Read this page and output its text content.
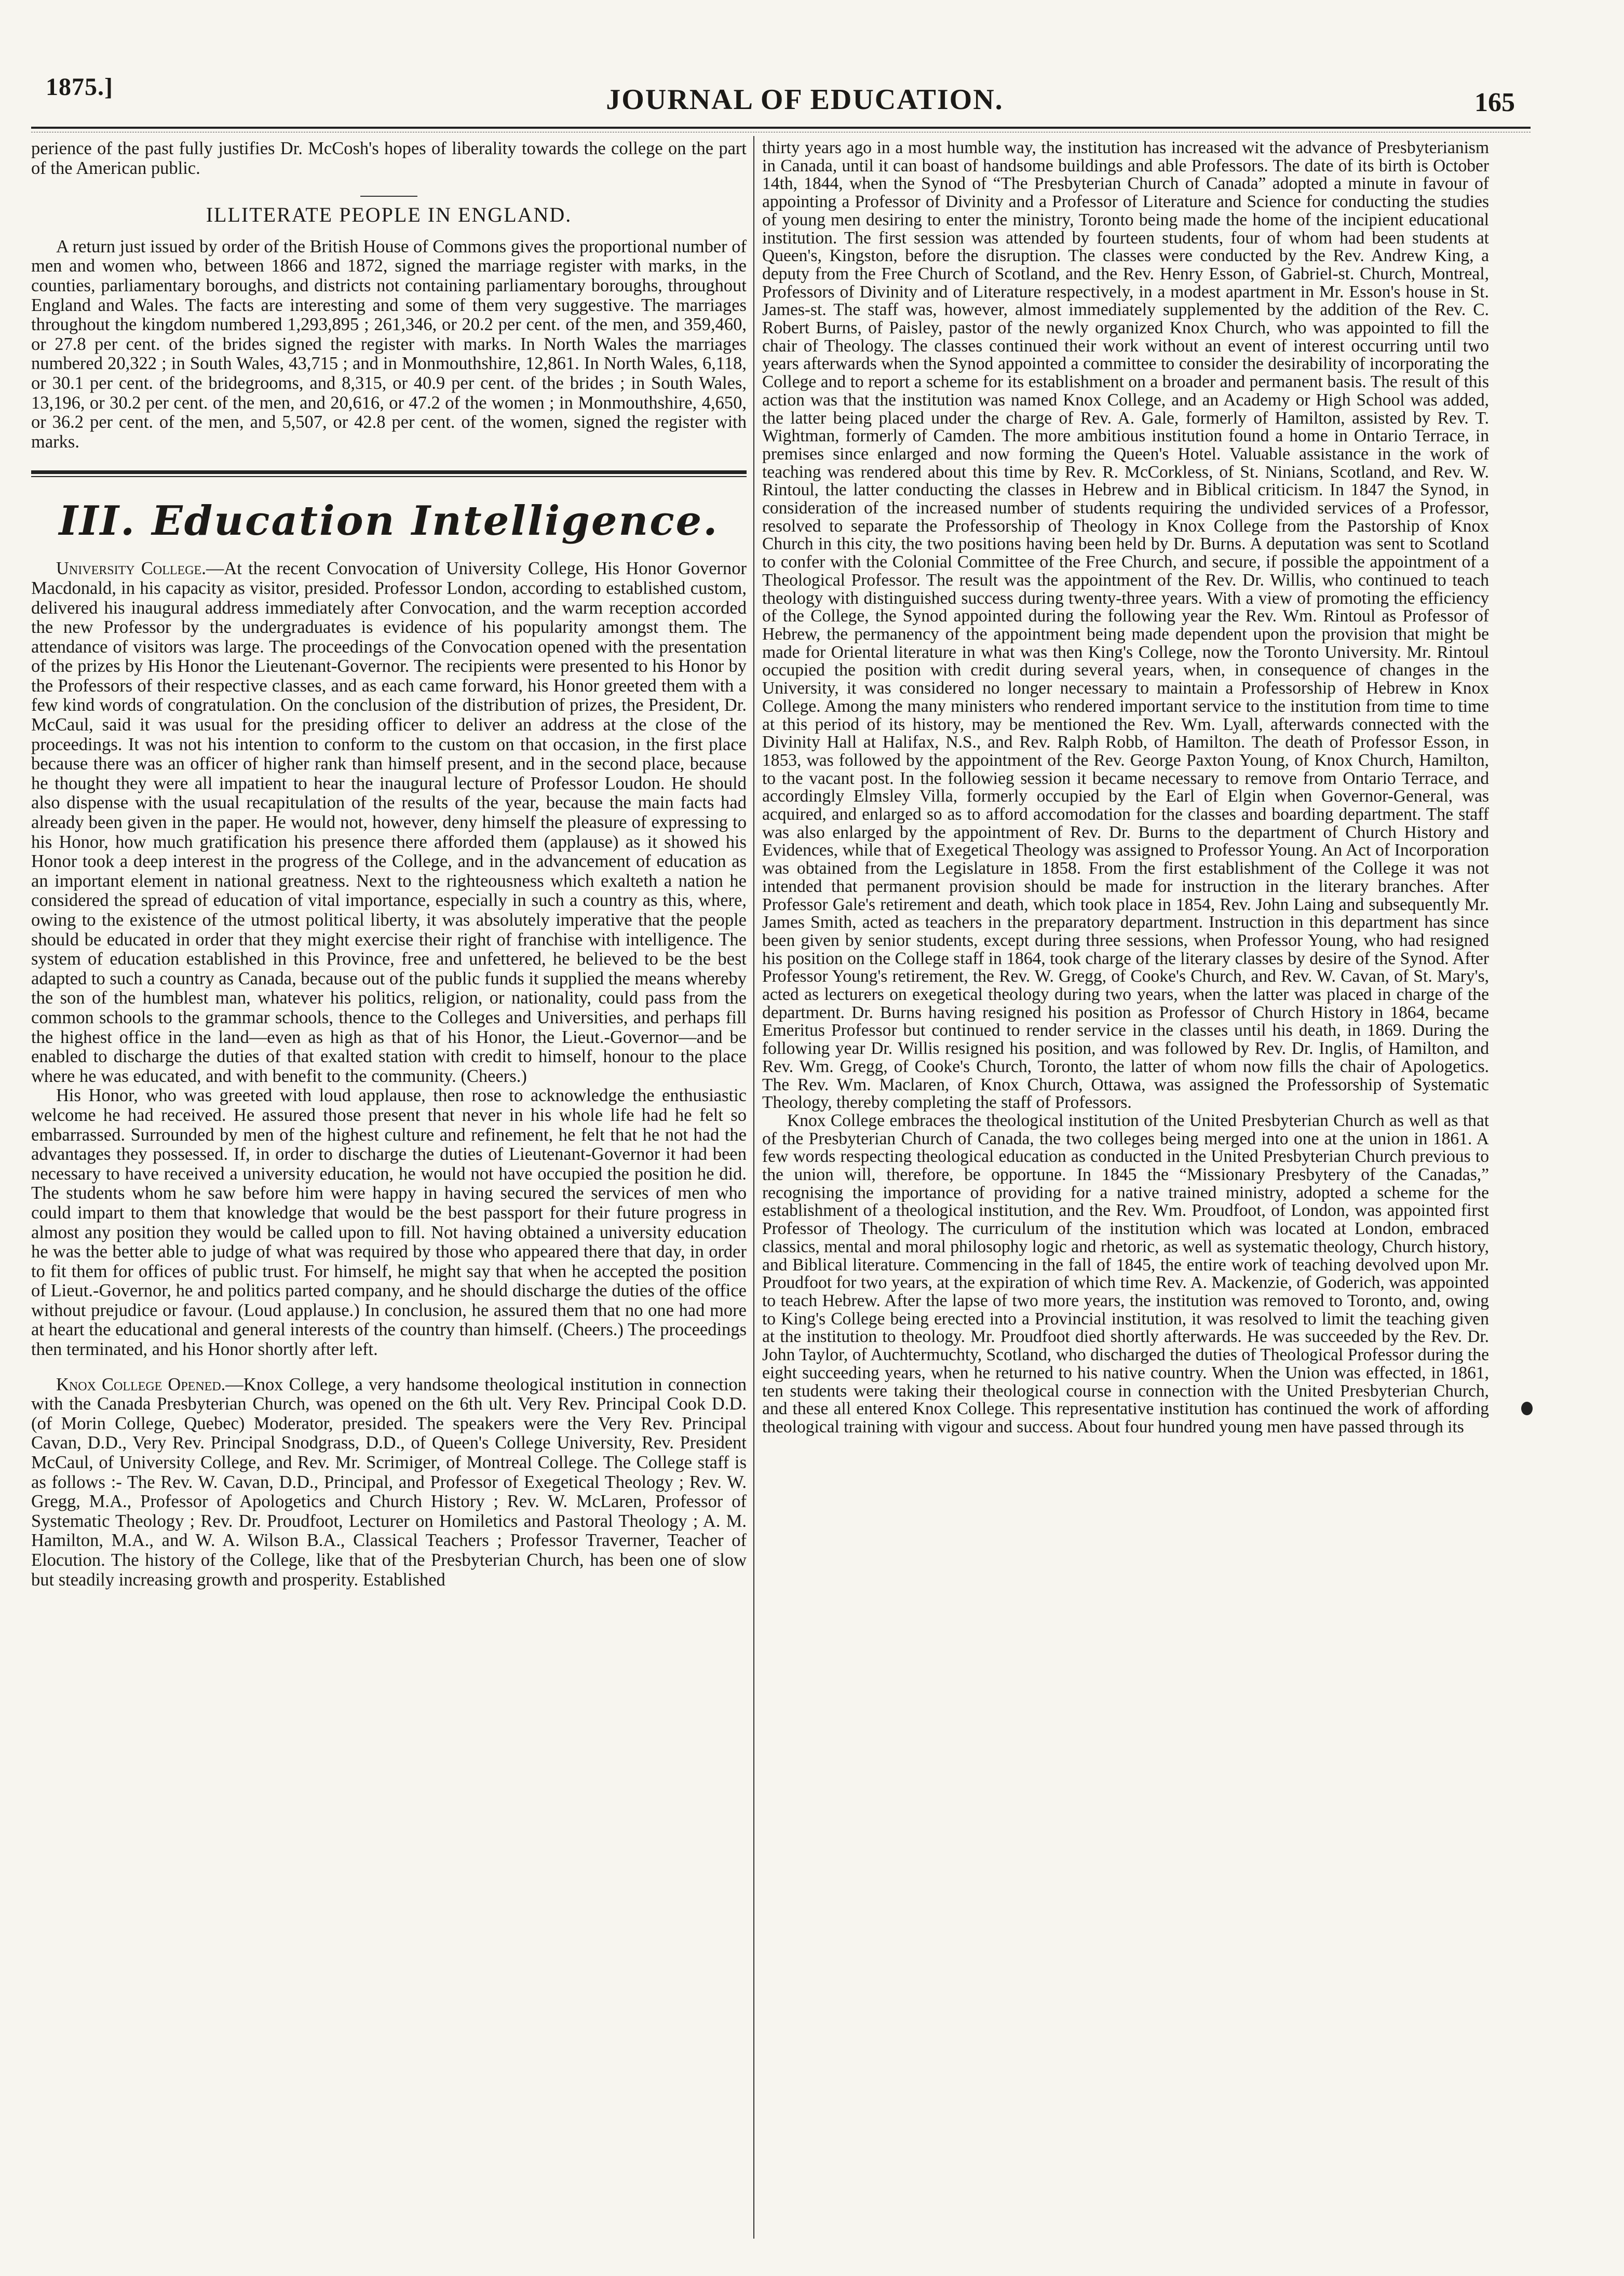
1875.]	JOURNAL OF EDUCATION.	165

perience of the past fully justifies Dr. McCosh's hopes of liberality towards the college on the part of the American public.

ILLITERATE PEOPLE IN ENGLAND.

A return just issued by order of the British House of Commons gives the proportional number of men and women who, between 1866 and 1872, signed the marriage register with marks, in the counties, parliamentary boroughs, and districts not containing parliamentary boroughs, throughout England and Wales. The facts are interesting and some of them very suggestive. The marriages throughout the kingdom numbered 1,293,895 ; 261,346, or 20.2 per cent. of the men, and 359,460, or 27.8 per cent. of the brides signed the register with marks. In North Wales the marriages numbered 20,322 ; in South Wales, 43,715 ; and in Monmouthshire, 12,861. In North Wales, 6,118, or 30.1 per cent. of the bridegrooms, and 8,315, or 40.9 per cent. of the brides ; in South Wales, 13,196, or 30.2 per cent. of the men, and 20,616, or 47.2 of the women ; in Monmouthshire, 4,650, or 36.2 per cent. of the men, and 5,507, or 42.8 per cent. of the women, signed the register with marks.

III. Education Intelligence.

University College.—At the recent Convocation of University College, His Honor Governor Macdonald, in his capacity as visitor, presided. Professor London, according to established custom, delivered his inaugural address immediately after Convocation, and the warm reception accorded the new Professor by the undergraduates is evidence of his popularity amongst them. The attendance of visitors was large. The proceedings of the Convocation opened with the presentation of the prizes by His Honor the Lieutenant-Governor. The recipients were presented to his Honor by the Professors of their respective classes, and as each came forward, his Honor greeted them with a few kind words of congratulation. On the conclusion of the distribution of prizes, the President, Dr. McCaul, said it was usual for the presiding officer to deliver an address at the close of the proceedings. It was not his intention to conform to the custom on that occasion, in the first place because there was an officer of higher rank than himself present, and in the second place, because he thought they were all impatient to hear the inaugural lecture of Professor Loudon. He should also dispense with the usual recapitulation of the results of the year, because the main facts had already been given in the paper. He would not, however, deny himself the pleasure of expressing to his Honor, how much gratification his presence there afforded them (applause) as it showed his Honor took a deep interest in the progress of the College, and in the advancement of education as an important element in national greatness. Next to the righteousness which exalteth a nation he considered the spread of education of vital importance, especially in such a country as this, where, owing to the existence of the utmost political liberty, it was absolutely imperative that the people should be educated in order that they might exercise their right of franchise with intelligence. The system of education established in this Province, free and unfettered, he believed to be the best adapted to such a country as Canada, because out of the public funds it supplied the means whereby the son of the humblest man, whatever his politics, religion, or nationality, could pass from the common schools to the grammar schools, thence to the Colleges and Universities, and perhaps fill the highest office in the land—even as high as that of his Honor, the Lieut.-Governor—and be enabled to discharge the duties of that exalted station with credit to himself, honour to the place where he was educated, and with benefit to the community. (Cheers.)

His Honor, who was greeted with loud applause, then rose to acknowledge the enthusiastic welcome he had received. He assured those present that never in his whole life had he felt so embarrassed. Surrounded by men of the highest culture and refinement, he felt that he not had the advantages they possessed. If, in order to discharge the duties of Lieutenant-Governor it had been necessary to have received a university education, he would not have occupied the position he did. The students whom he saw before him were happy in having secured the services of men who could impart to them that knowledge that would be the best passport for their future progress in almost any position they would be called upon to fill. Not having obtained a university education he was the better able to judge of what was required by those who appeared there that day, in order to fit them for offices of public trust. For himself, he might say that when he accepted the position of Lieut.-Governor, he and politics parted company, and he should discharge the duties of the office without prejudice or favour. (Loud applause.) In conclusion, he assured them that no one had more at heart the educational and general interests of the country than himself. (Cheers.) The proceedings then terminated, and his Honor shortly after left.

Knox College Opened.—Knox College, a very handsome theological institution in connection with the Canada Presbyterian Church, was opened on the 6th ult. Very Rev. Principal Cook D.D. (of Morin College, Quebec) Moderator, presided. The speakers were the Very Rev. Principal Cavan, D.D., Very Rev. Principal Snodgrass, D.D., of Queen's College University, Rev. President McCaul, of University College, and Rev. Mr. Scrimiger, of Montreal College. The College staff is as follows :- The Rev. W. Cavan, D.D., Principal, and Professor of Exegetical Theology ; Rev. W. Gregg, M.A., Professor of Apologetics and Church History ; Rev. W. McLaren, Professor of Systematic Theology ; Rev. Dr. Proudfoot, Lecturer on Homiletics and Pastoral Theology ; A. M. Hamilton, M.A., and W. A. Wilson B.A., Classical Teachers ; Professor Traverner, Teacher of Elocution. The history of the College, like that of the Presbyterian Church, has been one of slow but steadily increasing growth and prosperity. Established

thirty years ago in a most humble way, the institution has increased wit the advance of Presbyterianism in Canada, until it can boast of handsome buildings and able Professors. The date of its birth is October 14th, 1844, when the Synod of “The Presbyterian Church of Canada” adopted a minute in favour of appointing a Professor of Divinity and a Professor of Literature and Science for conducting the studies of young men desiring to enter the ministry, Toronto being made the home of the incipient educational institution. The first session was attended by fourteen students, four of whom had been students at Queen's, Kingston, before the disruption. The classes were conducted by the Rev. Andrew King, a deputy from the Free Church of Scotland, and the Rev. Henry Esson, of Gabriel-st. Church, Montreal, Professors of Divinity and of Literature respectively, in a modest apartment in Mr. Esson's house in St. James-st. The staff was, however, almost immediately supplemented by the addition of the Rev. C. Robert Burns, of Paisley, pastor of the newly organized Knox Church, who was appointed to fill the chair of Theology. The classes continued their work without an event of interest occurring until two years afterwards when the Synod appointed a committee to consider the desirability of incorporating the College and to report a scheme for its establishment on a broader and permanent basis. The result of this action was that the institution was named Knox College, and an Academy or High School was added, the latter being placed under the charge of Rev. A. Gale, formerly of Hamilton, assisted by Rev. T. Wightman, formerly of Camden. The more ambitious institution found a home in Ontario Terrace, in premises since enlarged and now forming the Queen's Hotel. Valuable assistance in the work of teaching was rendered about this time by Rev. R. McCorkless, of St. Ninians, Scotland, and Rev. W. Rintoul, the latter conducting the classes in Hebrew and in Biblical criticism. In 1847 the Synod, in consideration of the increased number of students requiring the undivided services of a Professor, resolved to separate the Professorship of Theology in Knox College from the Pastorship of Knox Church in this city, the two positions having been held by Dr. Burns. A deputation was sent to Scotland to confer with the Colonial Committee of the Free Church, and secure, if possible the appointment of a Theological Professor. The result was the appointment of the Rev. Dr. Willis, who continued to teach theology with distinguished success during twenty-three years. With a view of promoting the efficiency of the College, the Synod appointed during the following year the Rev. Wm. Rintoul as Professor of Hebrew, the permanency of the appointment being made dependent upon the provision that might be made for Oriental literature in what was then King's College, now the Toronto University. Mr. Rintoul occupied the position with credit during several years, when, in consequence of changes in the University, it was considered no longer necessary to maintain a Professorship of Hebrew in Knox College. Among the many ministers who rendered important service to the institution from time to time at this period of its history, may be mentioned the Rev. Wm. Lyall, afterwards connected with the Divinity Hall at Halifax, N.S., and Rev. Ralph Robb, of Hamilton. The death of Professor Esson, in 1853, was followed by the appointment of the Rev. George Paxton Young, of Knox Church, Hamilton, to the vacant post. In the followieg session it became necessary to remove from Ontario Terrace, and accordingly Elmsley Villa, formerly occupied by the Earl of Elgin when Governor-General, was acquired, and enlarged so as to afford accomodation for the classes and boarding department. The staff was also enlarged by the appointment of Rev. Dr. Burns to the department of Church History and Evidences, while that of Exegetical Theology was assigned to Professor Young. An Act of Incorporation was obtained from the Legislature in 1858. From the first establishment of the College it was not intended that permanent provision should be made for instruction in the literary branches. After Professor Gale's retirement and death, which took place in 1854, Rev. John Laing and subsequently Mr. James Smith, acted as teachers in the preparatory department. Instruction in this department has since been given by senior students, except during three sessions, when Professor Young, who had resigned his position on the College staff in 1864, took charge of the literary classes by desire of the Synod. After Professor Young's retirement, the Rev. W. Gregg, of Cooke's Church, and Rev. W. Cavan, of St. Mary's, acted as lecturers on exegetical theology during two years, when the latter was placed in charge of the department. Dr. Burns having resigned his position as Professor of Church History in 1864, became Emeritus Professor but continued to render service in the classes until his death, in 1869. During the following year Dr. Willis resigned his position, and was followed by Rev. Dr. Inglis, of Hamilton, and Rev. Wm. Gregg, of Cooke's Church, Toronto, the latter of whom now fills the chair of Apologetics. The Rev. Wm. Maclaren, of Knox Church, Ottawa, was assigned the Professorship of Systematic Theology, thereby completing the staff of Professors.

Knox College embraces the theological institution of the United Presbyterian Church as well as that of the Presbyterian Church of Canada, the two colleges being merged into one at the union in 1861. A few words respecting theological education as conducted in the United Presbyterian Church previous to the union will, therefore, be opportune. In 1845 the “Missionary Presbytery of the Canadas,” recognising the importance of providing for a native trained ministry, adopted a scheme for the establishment of a theological institution, and the Rev. Wm. Proudfoot, of London, was appointed first Professor of Theology. The curriculum of the institution which was located at London, embraced classics, mental and moral philosophy logic and rhetoric, as well as systematic theology, Church history, and Biblical literature. Commencing in the fall of 1845, the entire work of teaching devolved upon Mr. Proudfoot for two years, at the expiration of which time Rev. A. Mackenzie, of Goderich, was appointed to teach Hebrew. After the lapse of two more years, the institution was removed to Toronto, and, owing to King's College being erected into a Provincial institution, it was resolved to limit the teaching given at the institution to theology. Mr. Proudfoot died shortly afterwards. He was succeeded by the Rev. Dr. John Taylor, of Auchtermuchty, Scotland, who discharged the duties of Theological Professor during the eight succeeding years, when he returned to his native country. When the Union was effected, in 1861, ten students were taking their theological course in connection with the United Presbyterian Church, and these all entered Knox College. This representative institution has continued the work of affording theological training with vigour and success. About four hundred young men have passed through its
